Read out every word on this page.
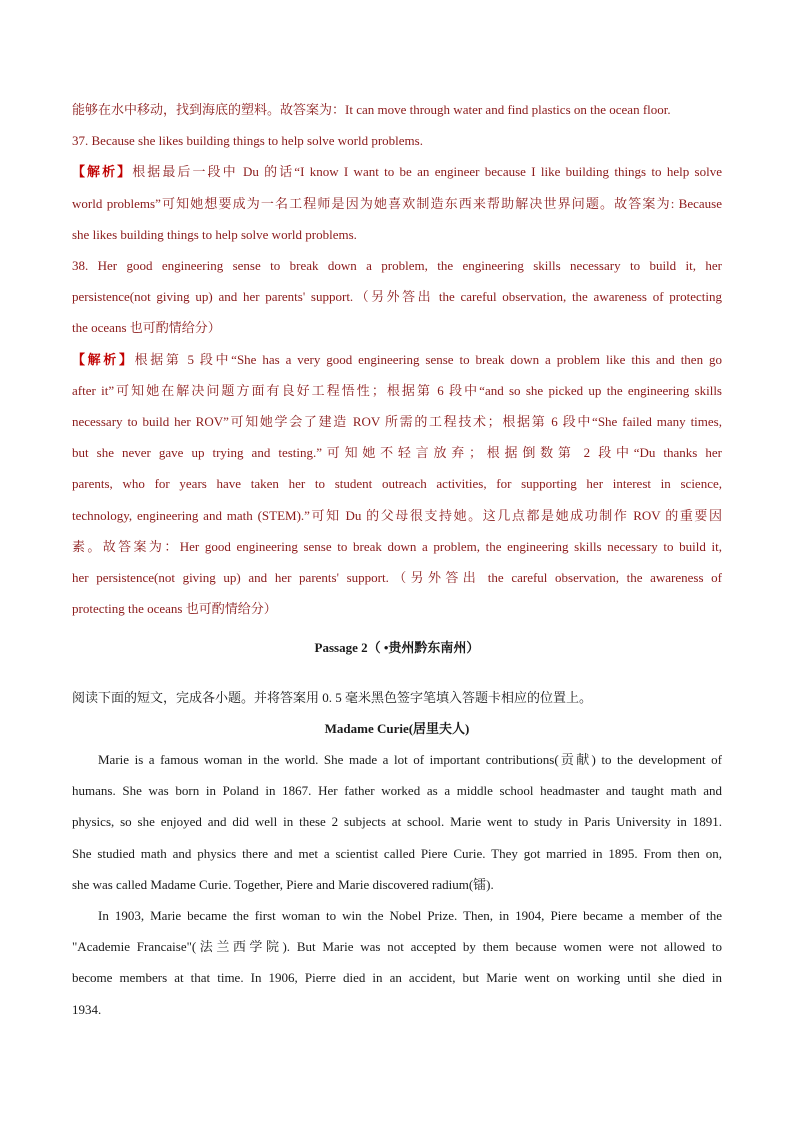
能够在水中移动，找到海底的塑料。故答案为：It can move through water and find plastics on the ocean floor.
37. Because she likes building things to help solve world problems.
【解析】根据最后一段中 Du 的话“I know I want to be an engineer because I like building things to help solve
world problems”可知她想要成为一名工程师是因为她喜欢制造东西来帮助解决世界问题。故答案为: Because
she likes building things to help solve world problems.
38. Her good engineering sense to break down a problem, the engineering skills necessary to build it, her
persistence(not giving up) and her parents' support.（另外答出 the careful observation, the awareness of protecting
the oceans 也可酌情给分）
【解析】根据第 5 段中“She has a very good engineering sense to break down a problem like this and then go
after it”可知她在解决问题方面有良好工程悟性；根据第 6 段中“and so she picked up the engineering skills
necessary to build her ROV”可知她学会了建造 ROV 所需的工程技术；根据第 6 段中“She failed many times,
but she never gave up trying and testing.”可知她不轻言放弃；根据倒数第 2 段中“Du thanks her
parents, who for years have taken her to student outreach activities, for supporting her interest in science,
technology, engineering and math (STEM).”可知 Du 的父母很支持她。这几点都是她成功制作 ROV 的重要因
素。故答案为：Her good engineering sense to break down a problem, the engineering skills necessary to build it,
her persistence(not giving up) and her parents' support.（另外答出 the careful observation, the awareness of
protecting the oceans 也可酌情给分）
Passage 2（ •贵州黔东南州）
阅读下面的短文，完成各小题。并将答案用 0. 5 毫米黑色签字笔填入答题卡相应的位置上。
Madame Curie(居里夫人)
Marie is a famous woman in the world. She made a lot of important contributions(贡献) to the development of
humans. She was born in Poland in 1867. Her father worked as a middle school headmaster and taught math and
physics, so she enjoyed and did well in these 2 subjects at school. Marie went to study in Paris University in 1891.
She studied math and physics there and met a scientist called Piere Curie. They got married in 1895. From then on,
she was called Madame Curie. Together, Piere and Marie discovered radium(镭).
In 1903, Marie became the first woman to win the Nobel Prize. Then, in 1904, Piere became a member of the
"Academie Francaise"(法兰西学院). But Marie was not accepted by them because women were not allowed to
become members at that time. In 1906, Pierre died in an accident, but Marie went on working until she died in
1934.
